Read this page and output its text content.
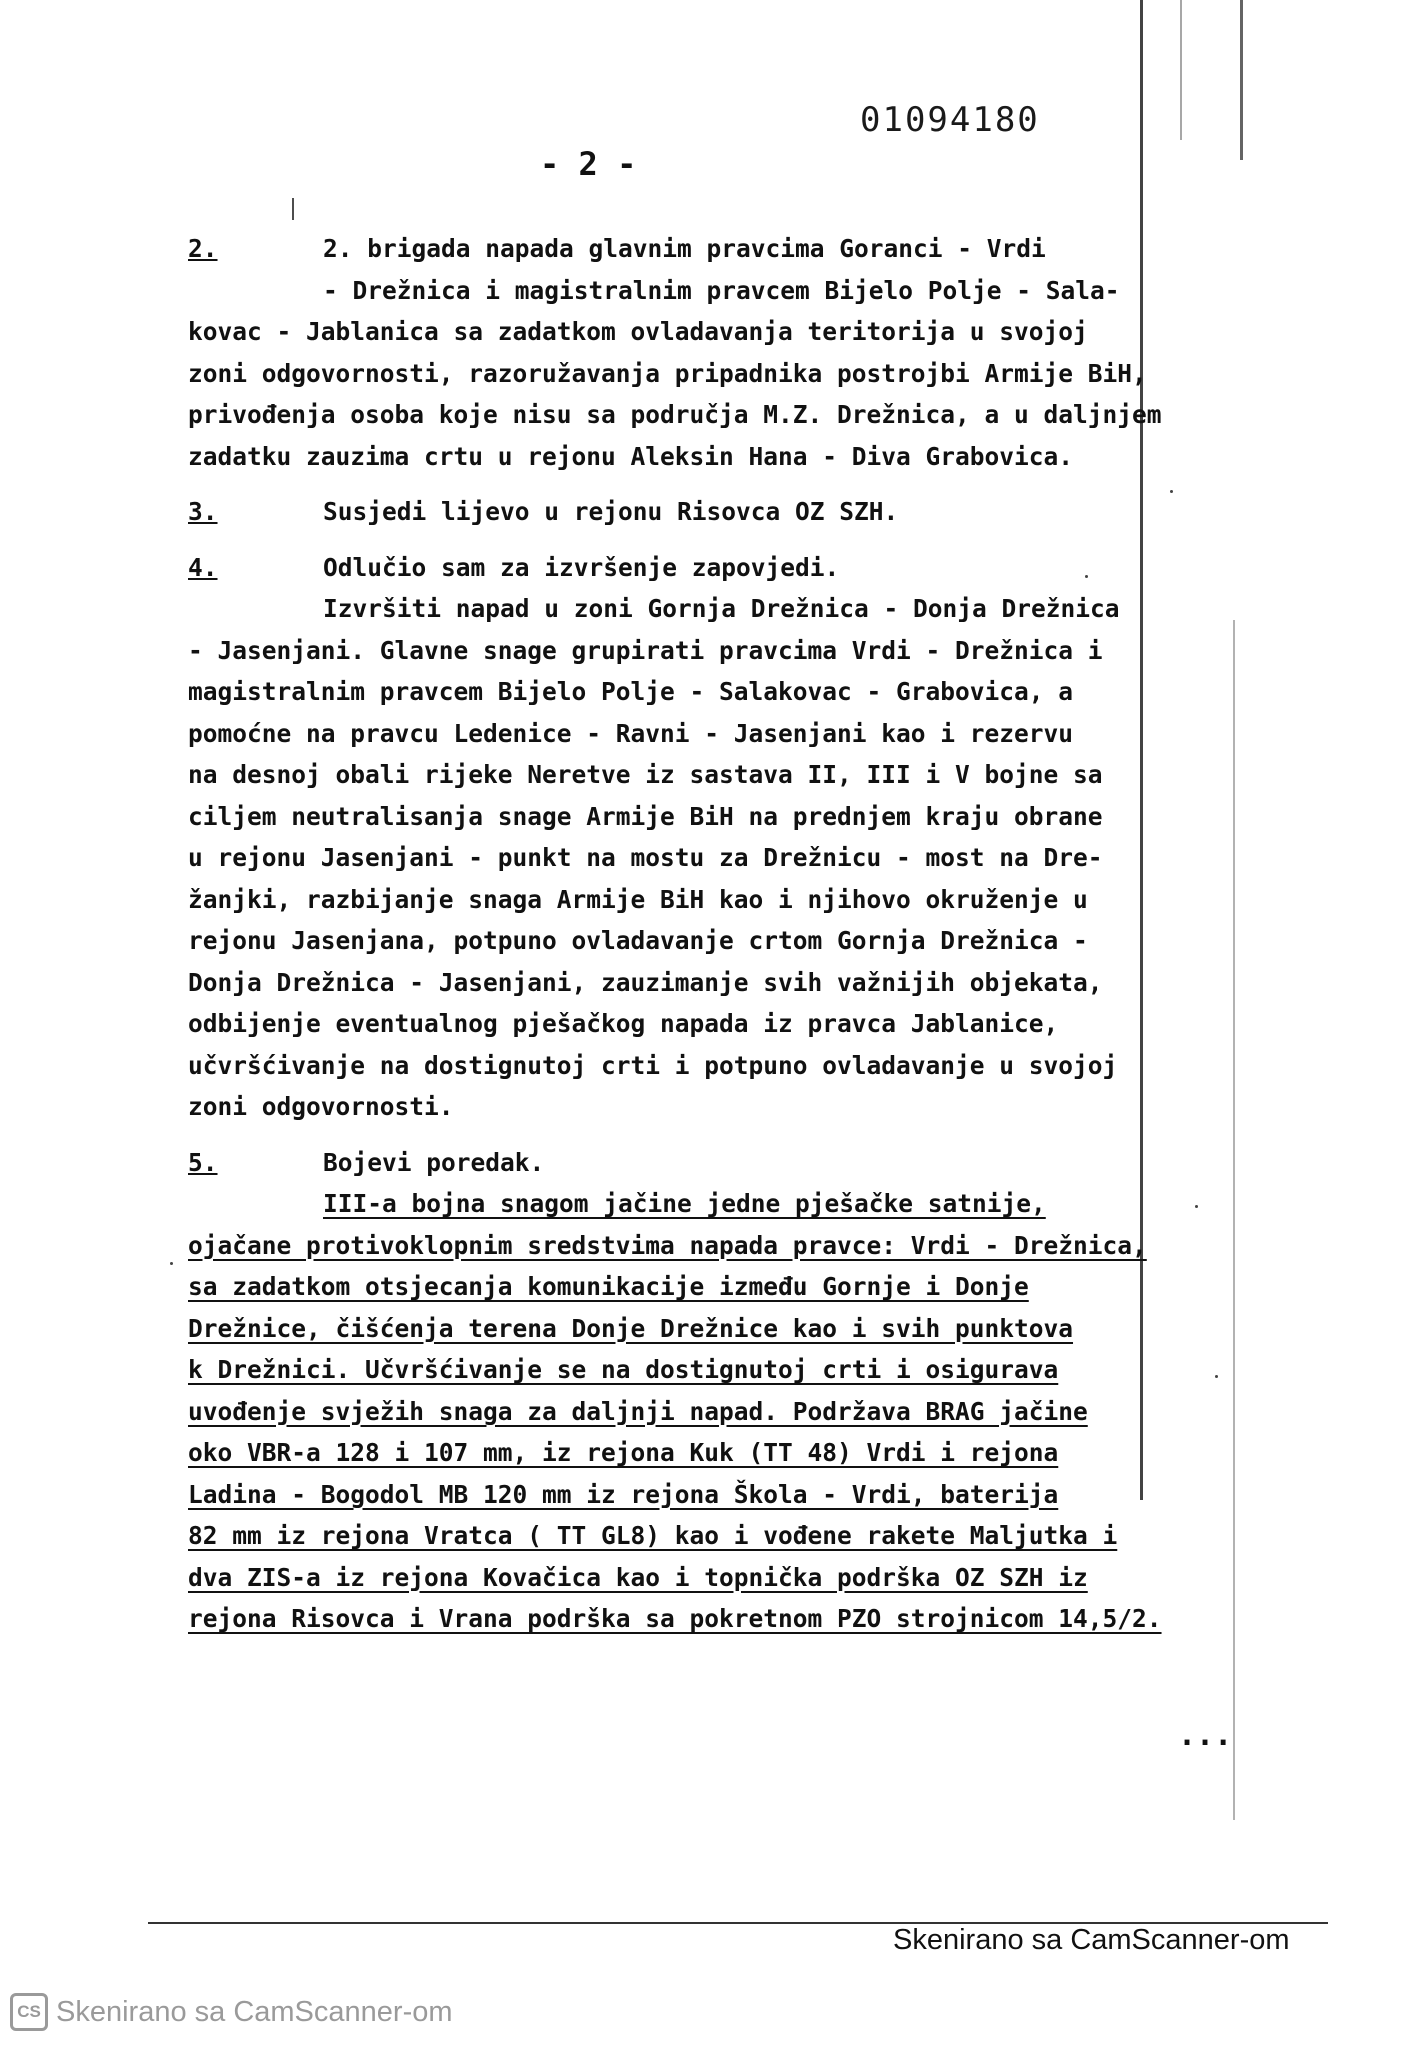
01094180
- 2 -
2.	2. brigada napada glavnim pravcima Goranci - Vrdi
- Drežnica i magistralnim pravcem Bijelo Polje - Sala-
kovac - Jablanica sa zadatkom ovladavanja teritorija u svojoj
zoni odgovornosti, razoružavanja pripadnika postrojbi Armije BiH,
privođenja osoba koje nisu sa područja M.Z. Drežnica, a u daljnjem
zadatku zauzima crtu u rejonu Aleksin Hana - Diva Grabovica.
3.	Susjedi lijevo u rejonu Risovca OZ SZH.
4.	Odlučio sam za izvršenje zapovjedi.
Izvršiti napad u zoni Gornja Drežnica - Donja Drežnica
- Jasenjani. Glavne snage grupirati pravcima Vrdi - Drežnica i
magistralnim pravcem Bijelo Polje - Salakovac - Grabovica, a
pomoćne na pravcu Ledenice - Ravni - Jasenjani kao i rezervu
na desnoj obali rijeke Neretve iz sastava II, III i V bojne sa
ciljem neutralisanja snage Armije BiH na prednjem kraju obrane
u rejonu Jasenjani - punkt na mostu za Drežnicu - most na Dre-
žanjki, razbijanje snaga Armije BiH kao i njihovo okruženje u
rejonu Jasenjana, potpuno ovladavanje crtom Gornja Drežnica -
Donja Drežnica - Jasenjani, zauzimanje svih važnijih objekata,
odbijenje eventualnog pješačkog napada iz pravca Jablanice,
učvršćivanje na dostignutoj crti i potpuno ovladavanje u svojoj
zoni odgovornosti.
5.	Bojevi poredak.
III-a bojna snagom jačine jedne pješačke satnije,
ojačane protivoklopnim sredstvima napada pravce: Vrdi - Drežnica,
sa zadatkom otsjecanja komunikacije između Gornje i Donje
Drežnice, čišćenja terena Donje Drežnice kao i svih punktova
k Drežnici. Učvršćivanje se na dostignutoj crti i osigurava
uvođenje svježih snaga za daljnji napad. Podržava BRAG jačine
oko VBR-a 128 i 107 mm, iz rejona Kuk (TT 48) Vrdi i rejona
Ladina - Bogodol MB 120 mm iz rejona Škola - Vrdi, baterija
82 mm iz rejona Vratca ( TT GL8) kao i vođene rakete Maljutka i
dva ZIS-a iz rejona Kovačica kao i topnička podrška OZ SZH iz
rejona Risovca i Vrana podrška sa pokretnom PZO strojnicom 14,5/2.
...
Skenirano sa CamScanner-om
CS Skenirano sa CamScanner-om
